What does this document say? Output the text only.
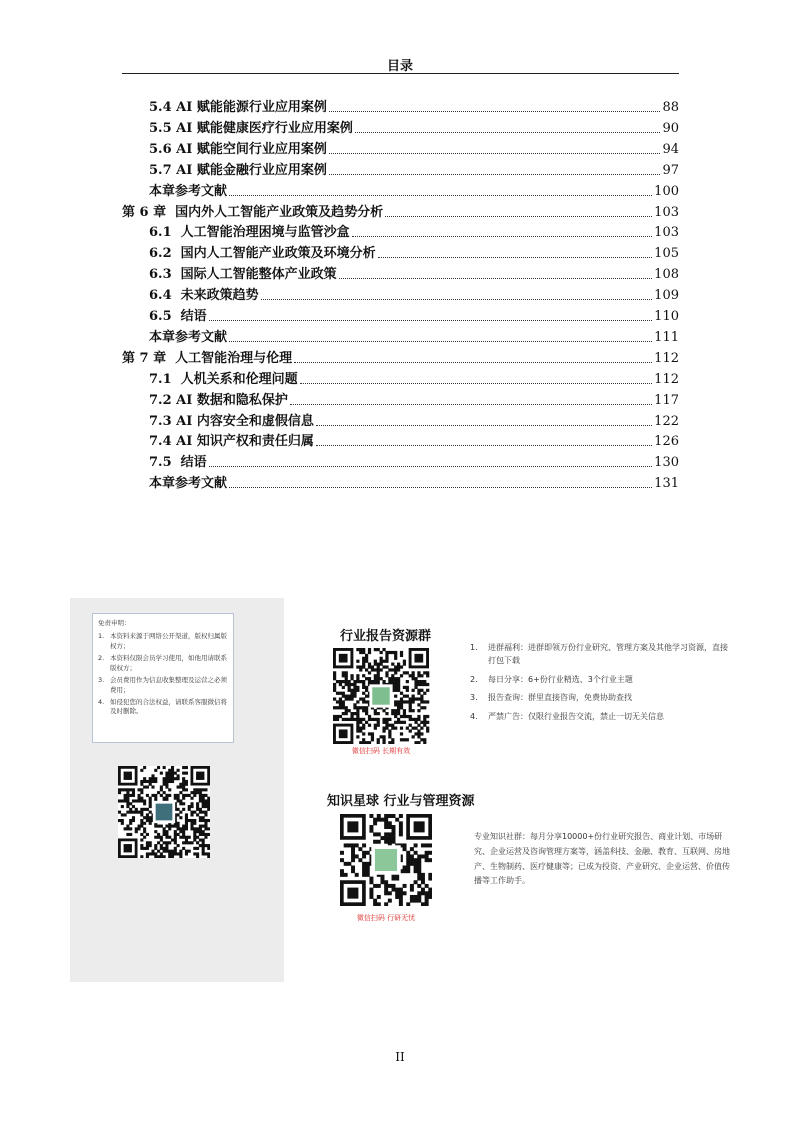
目录
5.4 AI 赋能能源行业应用案例	88
5.5 AI 赋能健康医疗行业应用案例	90
5.6 AI 赋能空间行业应用案例	94
5.7 AI 赋能金融行业应用案例	97
本章参考文献	100
第 6 章  国内外人工智能产业政策及趋势分析	103
6.1  人工智能治理困境与监管沙盒	103
6.2  国内人工智能产业政策及环境分析	105
6.3  国际人工智能整体产业政策	108
6.4  未来政策趋势	109
6.5  结语	110
本章参考文献	111
第 7 章  人工智能治理与伦理	112
7.1  人机关系和伦理问题	112
7.2 AI 数据和隐私保护	117
7.3 AI 内容安全和虚假信息	122
7.4 AI 知识产权和责任归属	126
7.5  结语	130
本章参考文献	131
免责申明：
1. 本资料来源于网络公开渠道，版权归属版权方；
2. 本资料仅限会员学习使用，如他用请联系版权方；
3. 会员费用作为信息收集整理及运营之必须费用；
4. 如侵犯您的合法权益，请联系客服微信将及时删除。
行业报告资源群
微信扫码 长期有效
1.	进群福利：进群即领万份行业研究、管理方案及其他学习资源，直接打包下载
2.	每日分享：6+份行业精选、3个行业主题
3.	报告查询：群里直接咨询，免费协助查找
4.	严禁广告：仅限行业报告交流，禁止一切无关信息
知识星球 行业与管理资源
微信扫码 行研无忧
专业知识社群：每月分享10000+份行业研究报告、商业计划、市场研究、企业运营及咨询管理方案等，涵盖科技、金融、教育、互联网、房地产、生物制药、医疗健康等；已成为投资、产业研究、企业运营、价值传播等工作助手。
II
